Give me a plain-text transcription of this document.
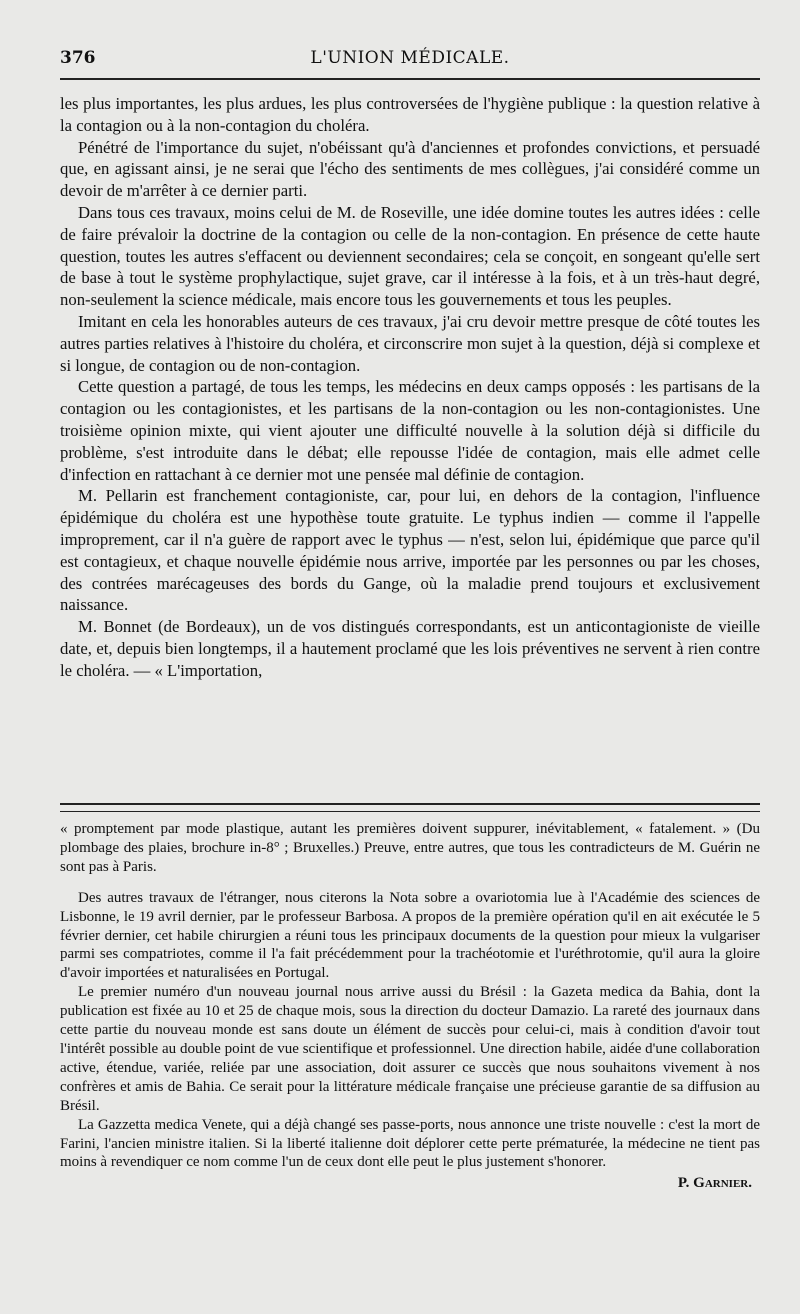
376	L'UNION MÉDICALE.

les plus importantes, les plus ardues, les plus controversées de l'hygiène publique : la question relative à la contagion ou à la non-contagion du choléra.

Pénétré de l'importance du sujet, n'obéissant qu'à d'anciennes et profondes convictions, et persuadé que, en agissant ainsi, je ne serai que l'écho des sentiments de mes collègues, j'ai considéré comme un devoir de m'arrêter à ce dernier parti.

Dans tous ces travaux, moins celui de M. de Roseville, une idée domine toutes les autres idées : celle de faire prévaloir la doctrine de la contagion ou celle de la non-contagion. En présence de cette haute question, toutes les autres s'effacent ou deviennent secondaires; cela se conçoit, en songeant qu'elle sert de base à tout le système prophylactique, sujet grave, car il intéresse à la fois, et à un très-haut degré, non-seulement la science médicale, mais encore tous les gouvernements et tous les peuples.

Imitant en cela les honorables auteurs de ces travaux, j'ai cru devoir mettre presque de côté toutes les autres parties relatives à l'histoire du choléra, et circonscrire mon sujet à la question, déjà si complexe et si longue, de contagion ou de non-contagion.

Cette question a partagé, de tous les temps, les médecins en deux camps opposés : les partisans de la contagion ou les contagionistes, et les partisans de la non-contagion ou les non-contagionistes. Une troisième opinion mixte, qui vient ajouter une difficulté nouvelle à la solution déjà si difficile du problème, s'est introduite dans le débat; elle repousse l'idée de contagion, mais elle admet celle d'infection en rattachant à ce dernier mot une pensée mal définie de contagion.

M. Pellarin est franchement contagioniste, car, pour lui, en dehors de la contagion, l'influence épidémique du choléra est une hypothèse toute gratuite. Le typhus indien — comme il l'appelle improprement, car il n'a guère de rapport avec le typhus — n'est, selon lui, épidémique que parce qu'il est contagieux, et chaque nouvelle épidémie nous arrive, importée par les personnes ou par les choses, des contrées marécageuses des bords du Gange, où la maladie prend toujours et exclusivement naissance.

M. Bonnet (de Bordeaux), un de vos distingués correspondants, est un anticontagioniste de vieille date, et, depuis bien longtemps, il a hautement proclamé que les lois préventives ne servent à rien contre le choléra. — « L'importation,

« promptement par mode plastique, autant les premières doivent suppurer, inévitablement, « fatalement. » (Du plombage des plaies, brochure in-8° ; Bruxelles.) Preuve, entre autres, que tous les contradicteurs de M. Guérin ne sont pas à Paris.

Des autres travaux de l'étranger, nous citerons la Nota sobre a ovariotomia lue à l'Académie des sciences de Lisbonne, le 19 avril dernier, par le professeur Barbosa. A propos de la première opération qu'il en ait exécutée le 5 février dernier, cet habile chirurgien a réuni tous les principaux documents de la question pour mieux la vulgariser parmi ses compatriotes, comme il l'a fait précédemment pour la trachéotomie et l'uréthrotomie, qu'il aura la gloire d'avoir importées et naturalisées en Portugal.

Le premier numéro d'un nouveau journal nous arrive aussi du Brésil : la Gazeta medica da Bahia, dont la publication est fixée au 10 et 25 de chaque mois, sous la direction du docteur Damazio. La rareté des journaux dans cette partie du nouveau monde est sans doute un élément de succès pour celui-ci, mais à condition d'avoir tout l'intérêt possible au double point de vue scientifique et professionnel. Une direction habile, aidée d'une collaboration active, étendue, variée, reliée par une association, doit assurer ce succès que nous souhaitons vivement à nos confrères et amis de Bahia. Ce serait pour la littérature médicale française une précieuse garantie de sa diffusion au Brésil.

La Gazzetta medica Venete, qui a déjà changé ses passe-ports, nous annonce une triste nouvelle : c'est la mort de Farini, l'ancien ministre italien. Si la liberté italienne doit déplorer cette perte prématurée, la médecine ne tient pas moins à revendiquer ce nom comme l'un de ceux dont elle peut le plus justement s'honorer.

P. Garnier.
